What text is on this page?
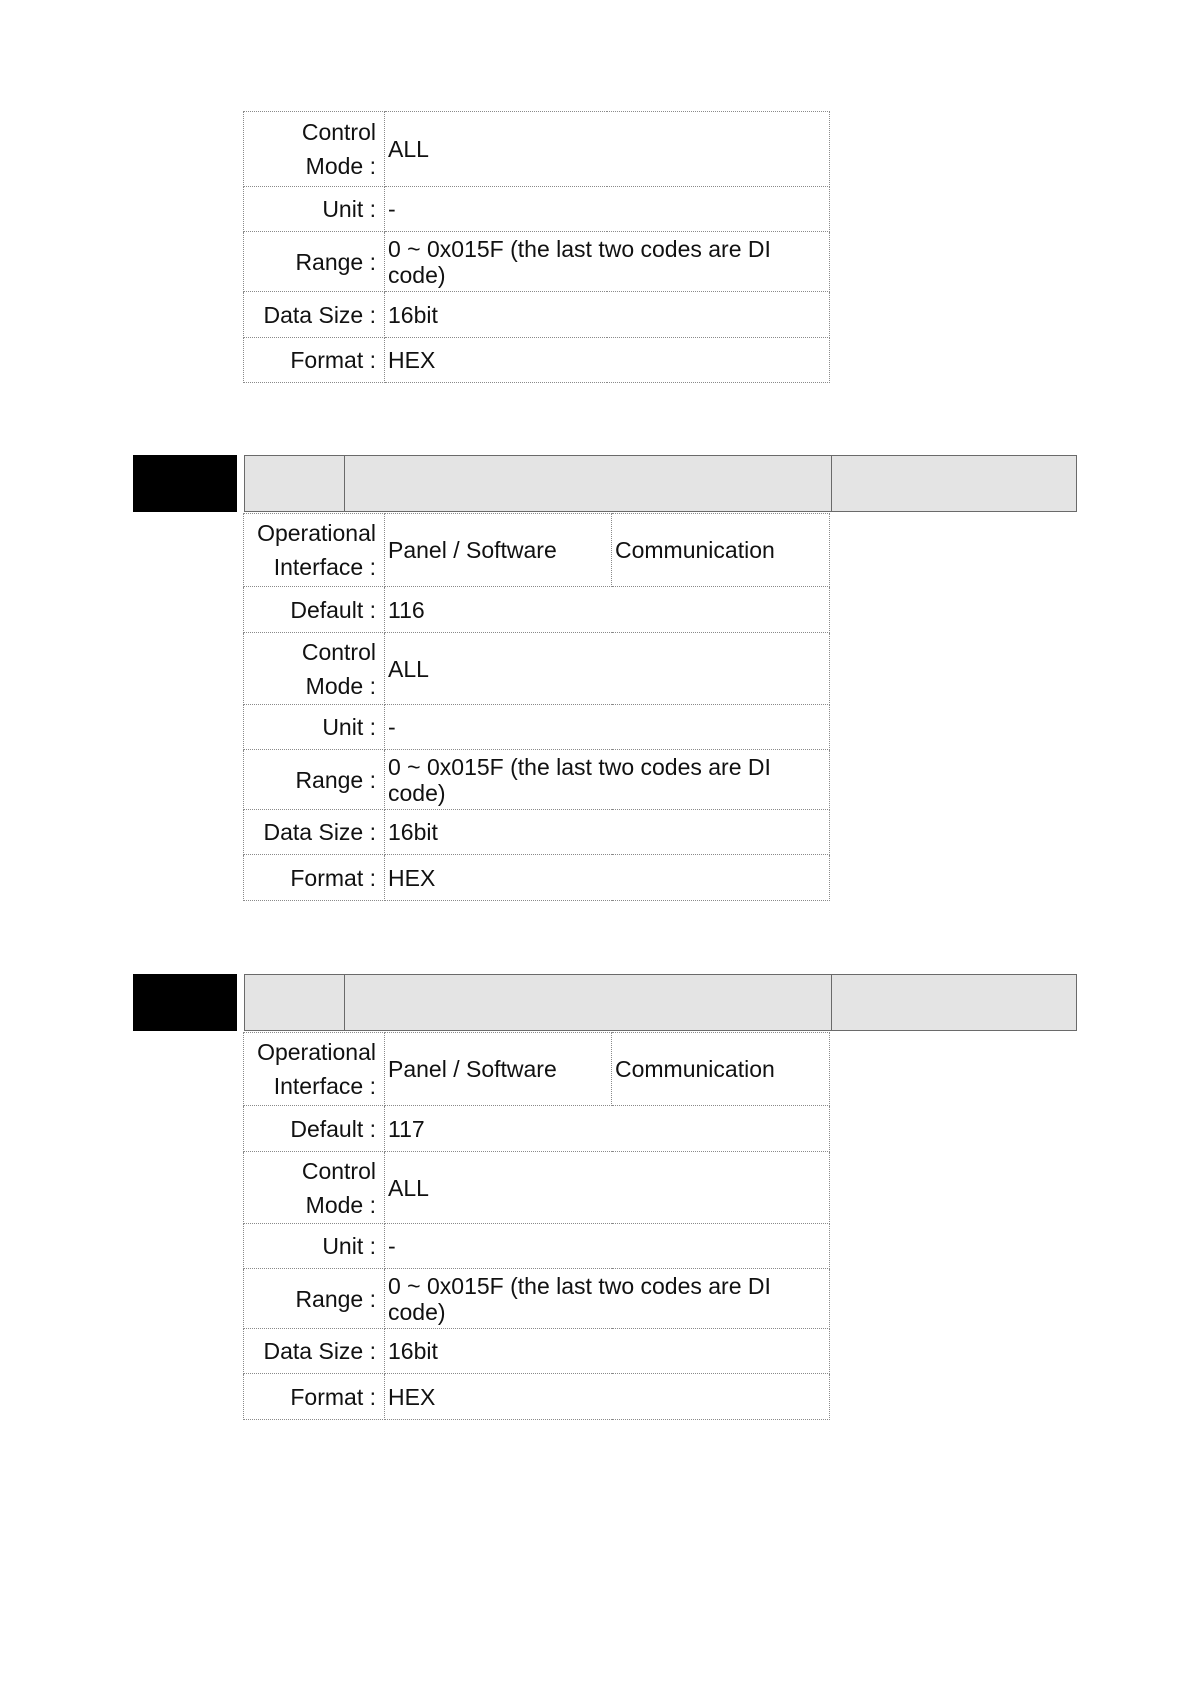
Control Mode :	ALL
Unit :	-
Range :	0 ~ 0x015F (the last two codes are DI code)
Data Size :	16bit
Format :	HEX
Operational Interface :	Panel / Software	Communication
Default :	116	
Control Mode :	ALL	
Unit :	-	
Range :	0 ~ 0x015F (the last two codes are DI code)	
Data Size :	16bit	
Format :	HEX	
Operational Interface :	Panel / Software	Communication
Default :	117	
Control Mode :	ALL	
Unit :	-	
Range :	0 ~ 0x015F (the last two codes are DI code)	
Data Size :	16bit	
Format :	HEX	
